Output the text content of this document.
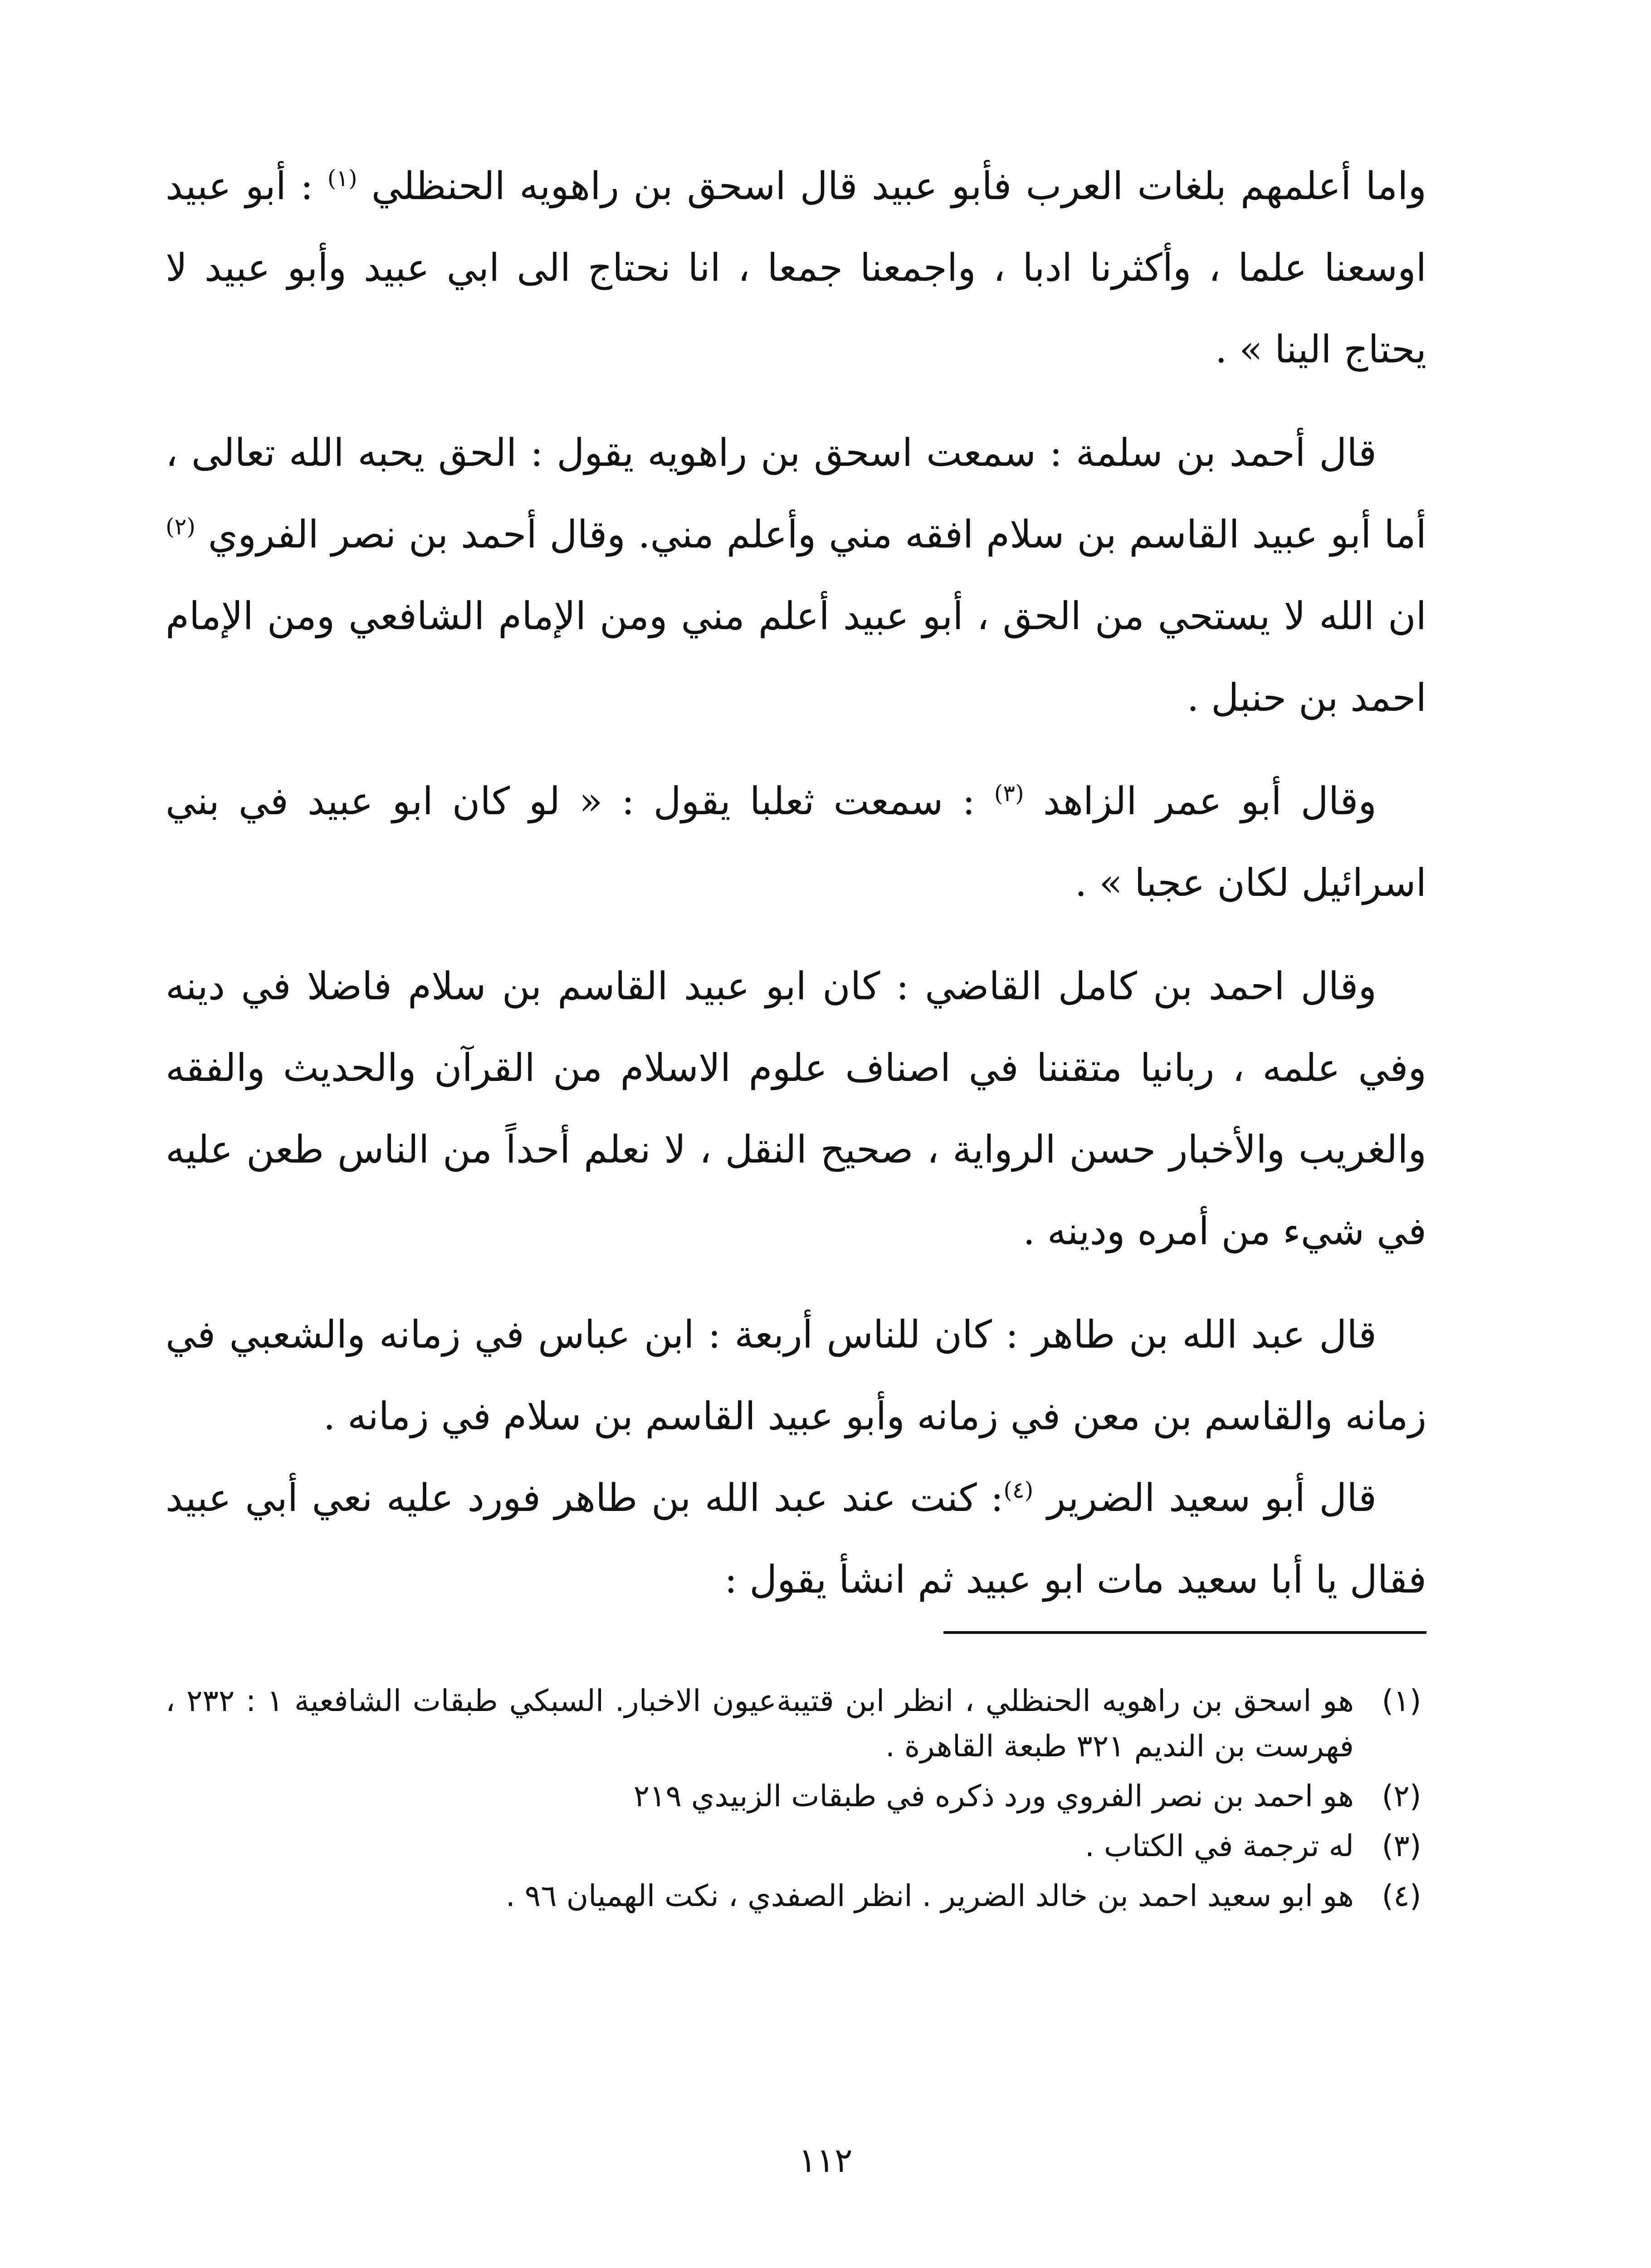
واما أعلمهم بلغات العرب فأبو عبيد قال اسحق بن راهويه الحنظلي $^{(١)}$ : أبو عبيد اوسعنا علما ، وأكثرنا ادبا ، واجمعنا جمعا ، انا نحتاج الى ابي عبيد وأبو عبيد لا يحتاج الينا » .

قال أحمد بن سلمة : سمعت اسحق بن راهويه يقول : الحق يحبه الله تعالى ، أما أبو عبيد القاسم بن سلام افقه مني وأعلم مني. وقال أحمد بن نصر الفروي $^{(٢)}$ ان الله لا يستحي من الحق ، أبو عبيد أعلم مني ومن الإمام الشافعي ومن الإمام احمد بن حنبل .

وقال أبو عمر الزاهد $^{(٣)}$ : سمعت ثعلبا يقول : « لو كان ابو عبيد في بني اسرائيل لكان عجبا » .

وقال احمد بن كامل القاضي : كان ابو عبيد القاسم بن سلام فاضلا في دينه وفي علمه ، ربانيا متقننا في اصناف علوم الاسلام من القرآن والحديث والفقه والغريب والأخبار حسن الرواية ، صحيح النقل ، لا نعلم أحداً من الناس طعن عليه في شيء من أمره ودينه .

قال عبد الله بن طاهر : كان للناس أربعة : ابن عباس في زمانه والشعبي في زمانه والقاسم بن معن في زمانه وأبو عبيد القاسم بن سلام في زمانه .

قال أبو سعيد الضرير $^{(٤)}$: كنت عند عبد الله بن طاهر فورد عليه نعي أبي عبيد فقال يا أبا سعيد مات ابو عبيد ثم انشأ يقول :

(١)
هو اسحق بن راهويه الحنظلي ، انظر ابن قتيبةعيون الاخبار. السبكي طبقات الشافعية ١ : ٢٣٢ ، فهرست بن النديم ٣٢١ طبعة القاهرة .
(٢)
هو احمد بن نصر الفروي ورد ذكره في طبقات الزبيدي ٢١٩
(٣)
له ترجمة في الكتاب .
(٤)
هو ابو سعيد احمد بن خالد الضرير . انظر الصفدي ، نكت الهميان ٩٦ .
١١٢
